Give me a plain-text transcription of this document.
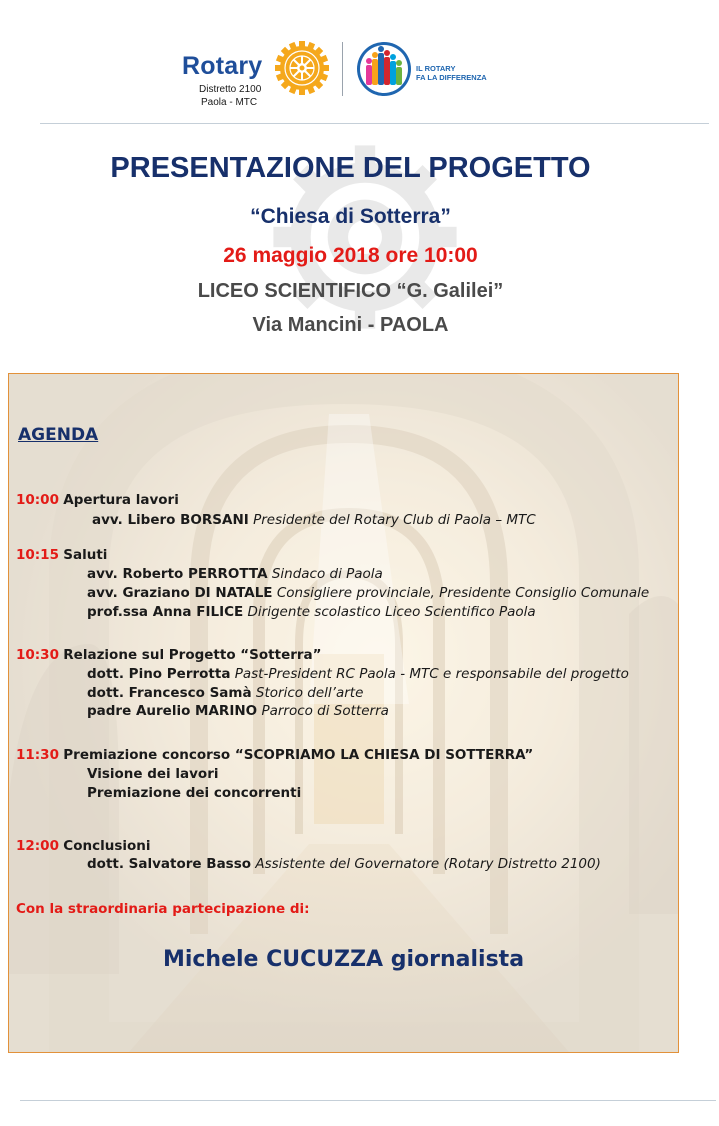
Rotary
Distretto 2100
Paola - MTC
IL ROTARY
FA LA DIFFERENZA
PRESENTAZIONE DEL PROGETTO
“Chiesa di Sotterra”
26 maggio 2018 ore 10:00
LICEO SCIENTIFICO “G. Galilei”
Via Mancini - PAOLA
AGENDA
10:00 Apertura lavori
avv. Libero BORSANI Presidente del Rotary Club di Paola – MTC
10:15 Saluti
avv. Roberto PERROTTA Sindaco di Paola
avv. Graziano DI NATALE Consigliere provinciale, Presidente Consiglio Comunale
prof.ssa Anna FILICE Dirigente scolastico Liceo Scientifico Paola
10:30 Relazione sul Progetto “Sotterra”
dott. Pino Perrotta Past-President RC Paola - MTC e responsabile del progetto
dott. Francesco Samà Storico dell’arte
padre Aurelio MARINO Parroco di Sotterra
11:30 Premiazione concorso “SCOPRIAMO LA CHIESA DI SOTTERRA”
Visione dei lavori
Premiazione dei concorrenti
12:00 Conclusioni
dott. Salvatore Basso Assistente del Governatore (Rotary Distretto 2100)
Con la straordinaria partecipazione di:
Michele CUCUZZA giornalista
